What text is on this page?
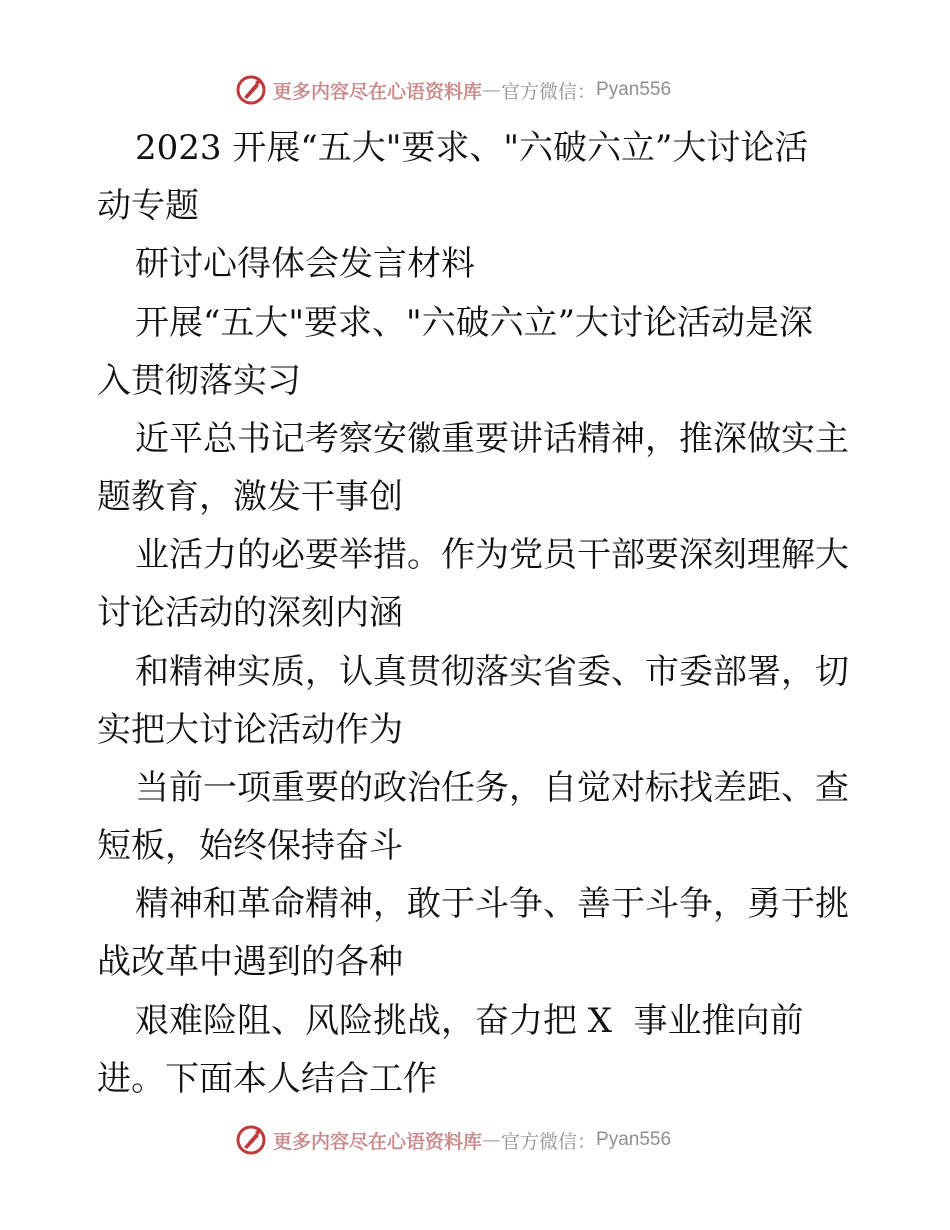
更多内容尽在心语资料库 — 官方微信： Pyan556
2023 开展“五大"要求、"六破六立”大讨论活
动专题
研讨心得体会发言材料
开展“五大"要求、"六破六立”大讨论活动是深
入贯彻落实习
近平总书记考察安徽重要讲话精神，推深做实主
题教育，激发干事创
业活力的必要举措。作为党员干部要深刻理解大
讨论活动的深刻内涵
和精神实质，认真贯彻落实省委、市委部署，切
实把大讨论活动作为
当前一项重要的政治任务，自觉对标找差距、查
短板，始终保持奋斗
精神和革命精神，敢于斗争、善于斗争，勇于挑
战改革中遇到的各种
艰难险阻、风险挑战，奋力把 X  事业推向前
进。下面本人结合工作
更多内容尽在心语资料库 — 官方微信： Pyan556
